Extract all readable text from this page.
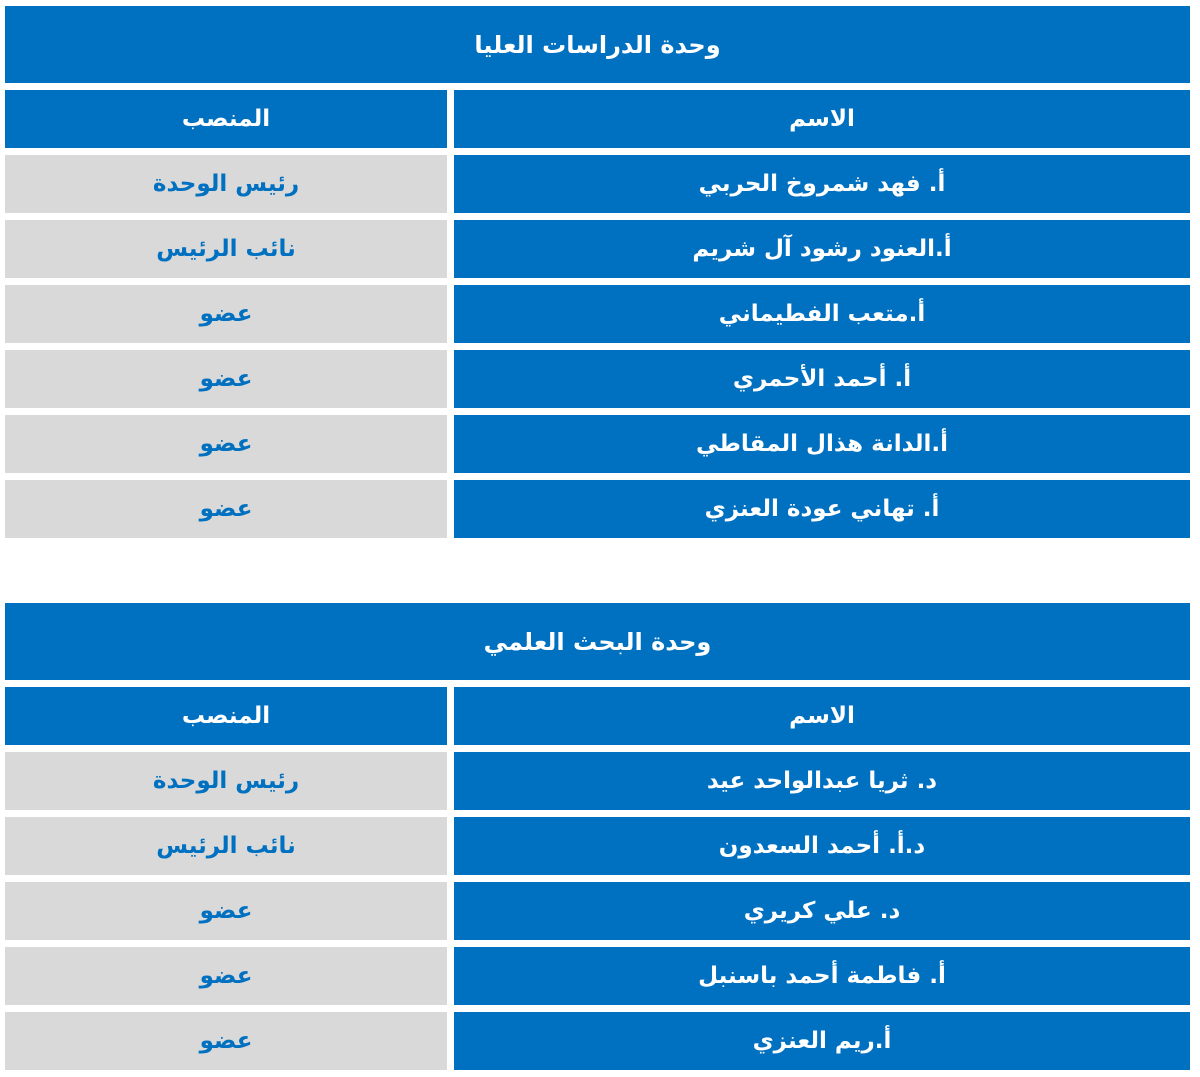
وحدة الدراسات العليا
المنصب	الاسم
رئيس الوحدة	أ. فهد شمروخ الحربي
نائب الرئيس	أ.العنود رشود آل شريم
عضو	أ.متعب الفطيماني
عضو	أ. أحمد الأحمري
عضو	أ.الدانة هذال المقاطي
عضو	أ. تهاني عودة العنزي
وحدة البحث العلمي
المنصب	الاسم
رئيس الوحدة	د. ثريا عبدالواحد عيد
نائب الرئيس	د.أ. أحمد السعدون
عضو	د. علي كريري
عضو	أ. فاطمة أحمد باسنبل
عضو	أ.ريم العنزي
